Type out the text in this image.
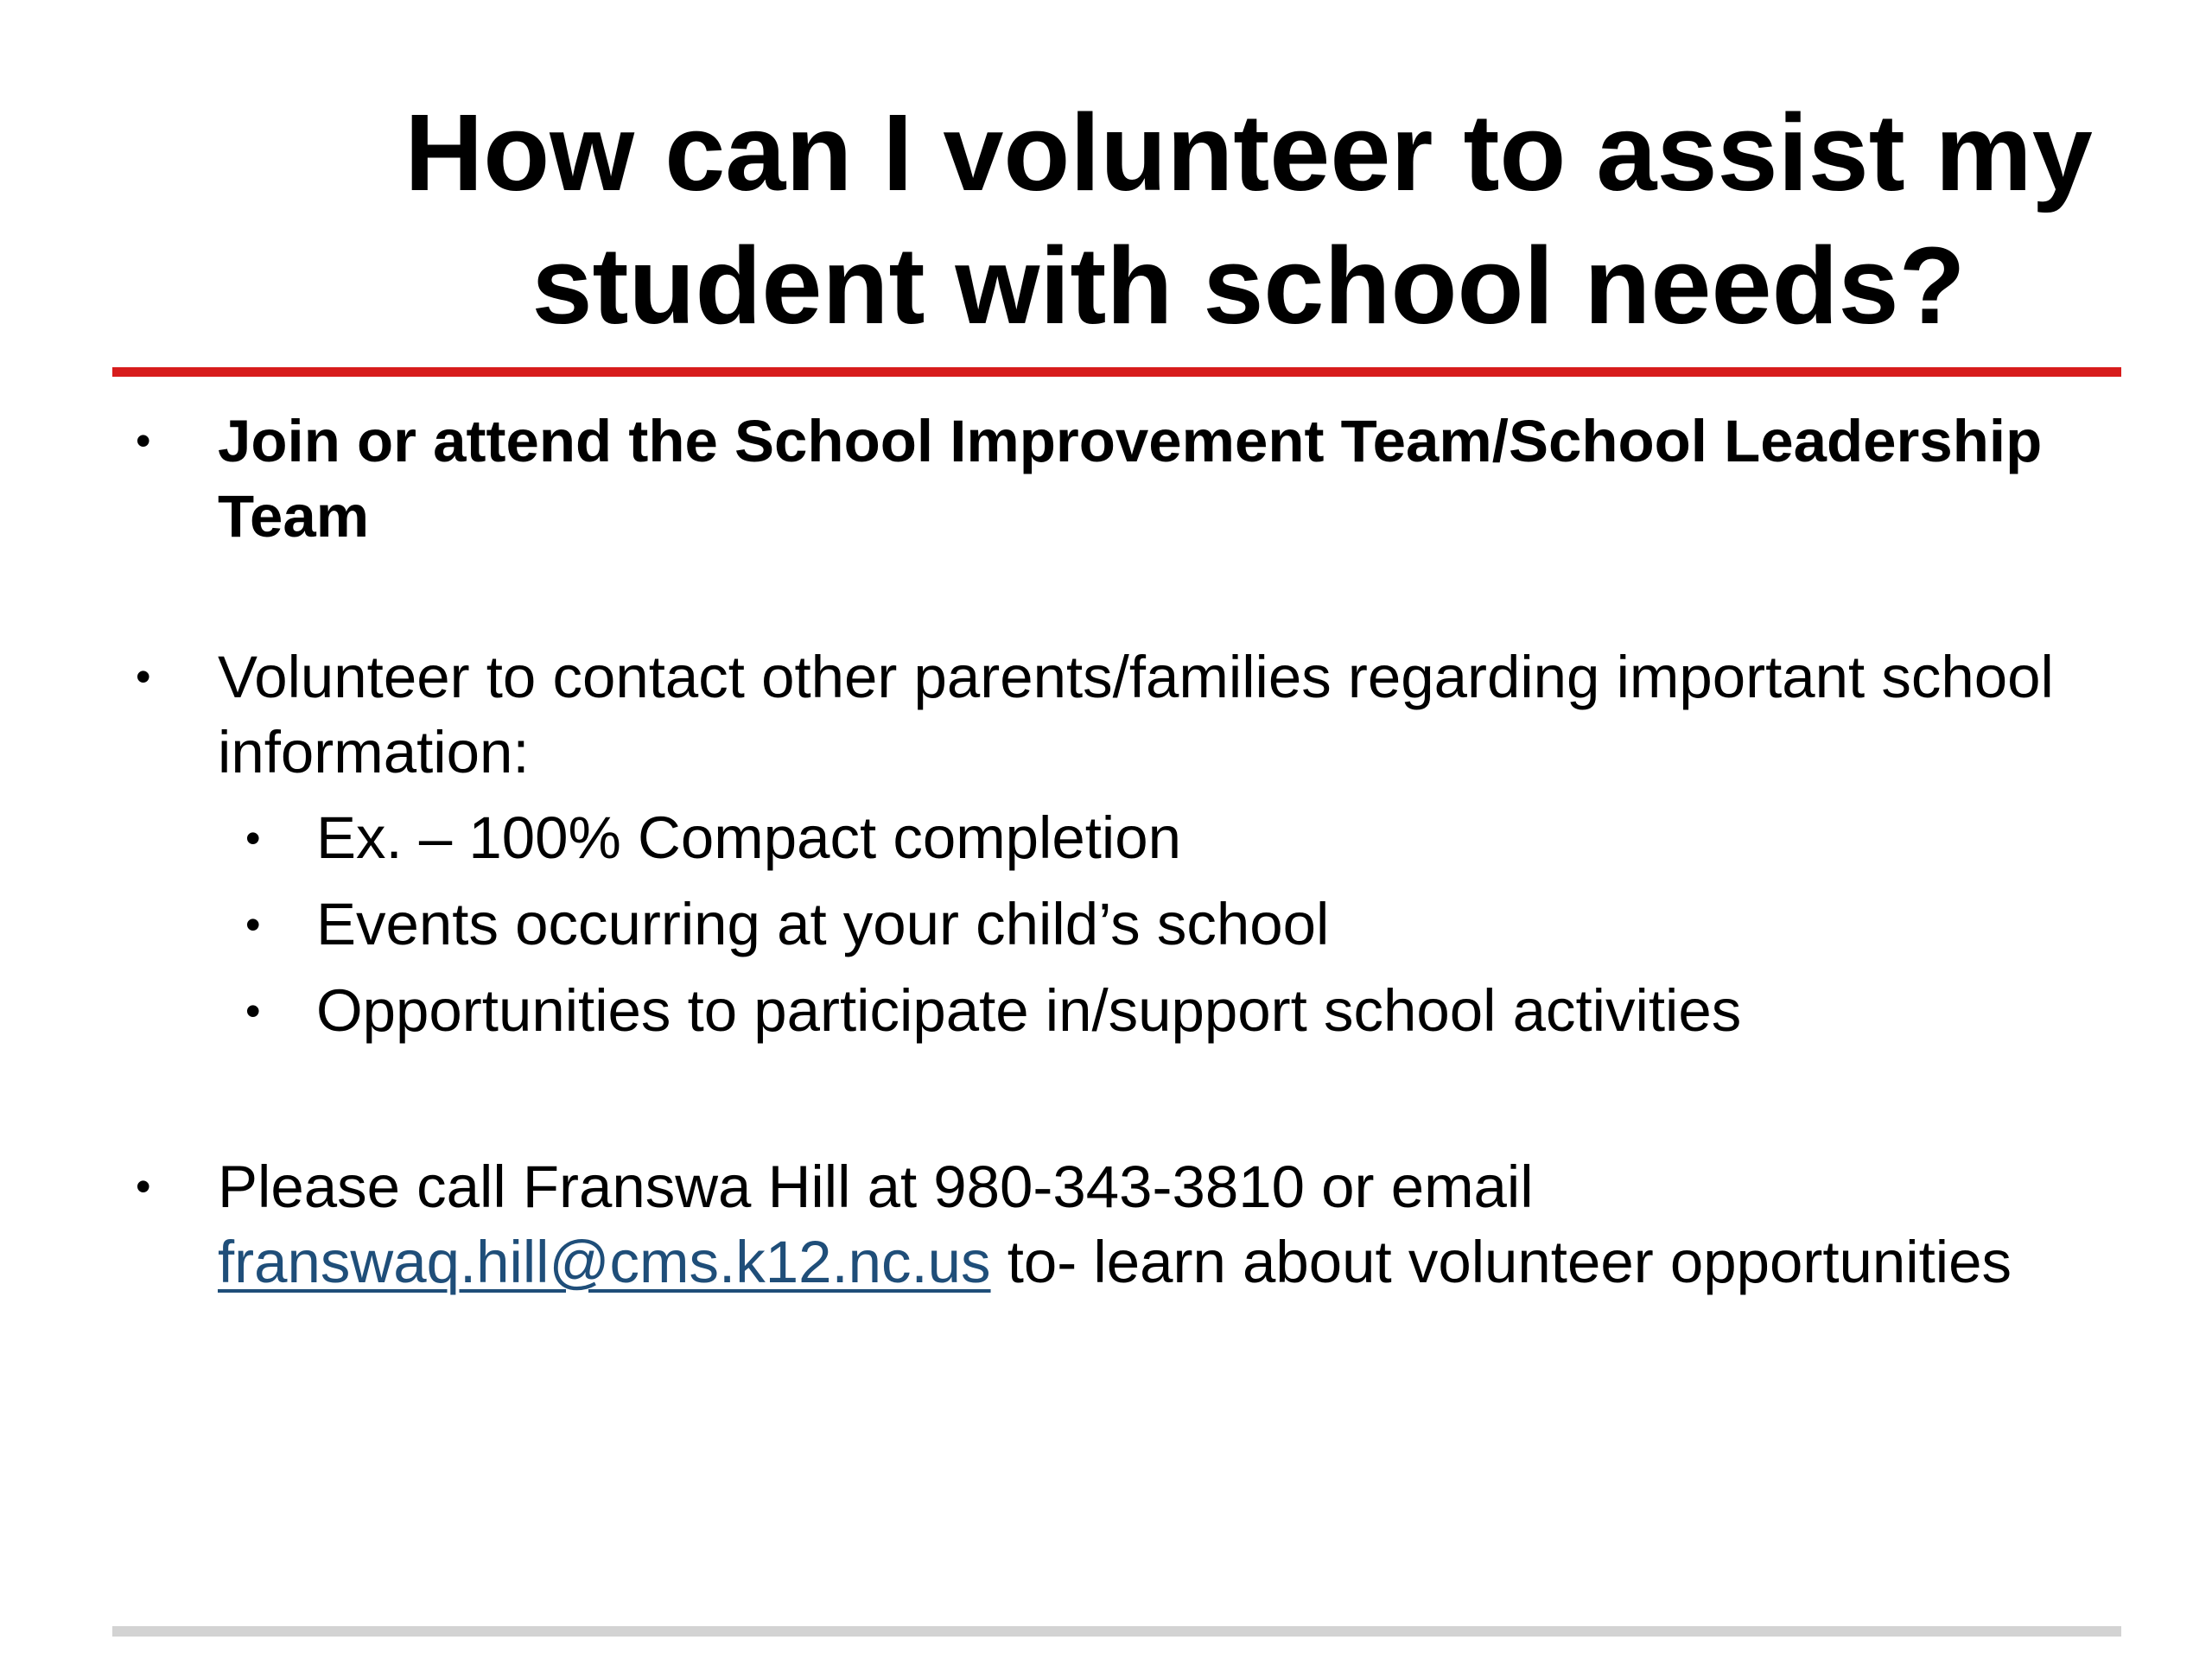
How can I volunteer to assist my student with school needs?
• Join or attend the School Improvement Team/School Leadership Team
• Volunteer to contact other parents/families regarding important school information:
• Ex. – 100% Compact completion
• Events occurring at your child’s school
• Opportunities to participate in/support school activities
• Please call Franswa Hill at 980-343-3810 or email
franswaq.hill@cms.k12.nc.us to- learn about volunteer opportunities
